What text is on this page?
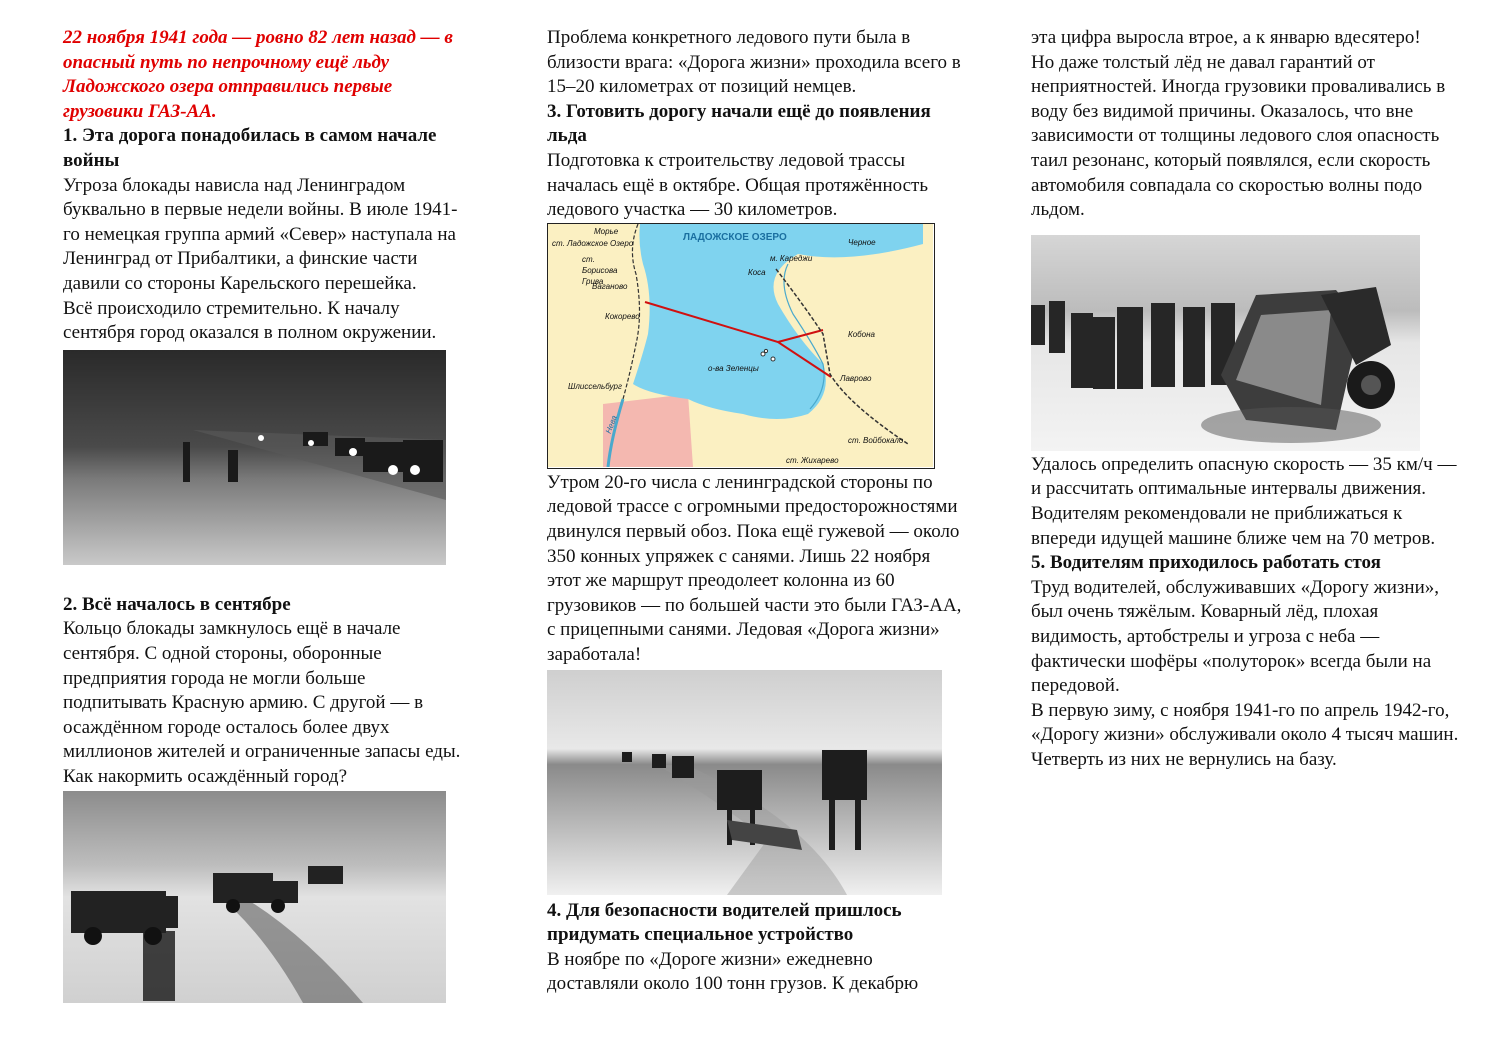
22 ноября 1941 года — ровно 82 лет назад — в опасный путь по непрочному ещё льду Ладожского озера отправились первые грузовики ГАЗ-АА.

1. Эта дорога понадобилась в самом начале войны

Угроза блокады нависла над Ленинградом буквально в первые недели войны. В июле 1941-го немецкая группа армий «Север» наступала на Ленинград от Прибалтики, а финские части давили со стороны Карельского перешейка.

Всё происходило стремительно. К началу сентября город оказался в полном окружении.

2. Всё началось в сентябре

Кольцо блокады замкнулось ещё в начале сентября. С одной стороны, оборонные предприятия города не могли больше подпитывать Красную армию. С другой — в осаждённом городе осталось более двух миллионов жителей и ограниченные запасы еды. Как накормить осаждённый город?

Проблема конкретного ледового пути была в близости врага: «Дорога жизни» проходила всего в 15–20 километрах от позиций немцев.

3. Готовить дорогу начали ещё до появления льда

Подготовка к строительству ледовой трассы началась ещё в октябре. Общая протяжённость ледового участка — 30 километров.

ЛАДОЖСКОЕ ОЗЕРО
Морье
ст. Ладожское Озеро
ст. Борисова Грива
Ваганово
Кокорево
Шлиссельбург
Нева
о-ва Зеленцы
м. Кареджи
Коса
Черное
Кобона
Лаврово
ст. Войбокало
ст. Жихарево

Утром 20-го числа с ленинградской стороны по ледовой трассе с огромными предосторожностями двинулся первый обоз. Пока ещё гужевой — около 350 конных упряжек с санями. Лишь 22 ноября этот же маршрут преодолеет колонна из 60 грузовиков — по большей части это были ГАЗ-АА, с прицепными санями. Ледовая «Дорога жизни» заработала!

4. Для безопасности водителей пришлось придумать специальное устройство

В ноябре по «Дороге жизни» ежедневно доставляли около 100 тонн грузов. К декабрю

эта цифра выросла втрое, а к январю вдесятеро!

Но даже толстый лёд не давал гарантий от неприятностей. Иногда грузовики проваливались в воду без видимой причины. Оказалось, что вне зависимости от толщины ледового слоя опасность таил резонанс, который появлялся, если скорость автомобиля совпадала со скоростью волны подо льдом.

Удалось определить опасную скорость — 35 км/ч — и рассчитать оптимальные интервалы движения. Водителям рекомендовали не приближаться к впереди идущей машине ближе чем на 70 метров.

5. Водителям приходилось работать стоя

Труд водителей, обслуживавших «Дорогу жизни», был очень тяжёлым. Коварный лёд, плохая видимость, артобстрелы и угроза с неба — фактически шофёры «полуторок» всегда были на передовой.

В первую зиму, с ноября 1941-го по апрель 1942-го, «Дорогу жизни» обслуживали около 4 тысяч машин. Четверть из них не вернулись на базу.
